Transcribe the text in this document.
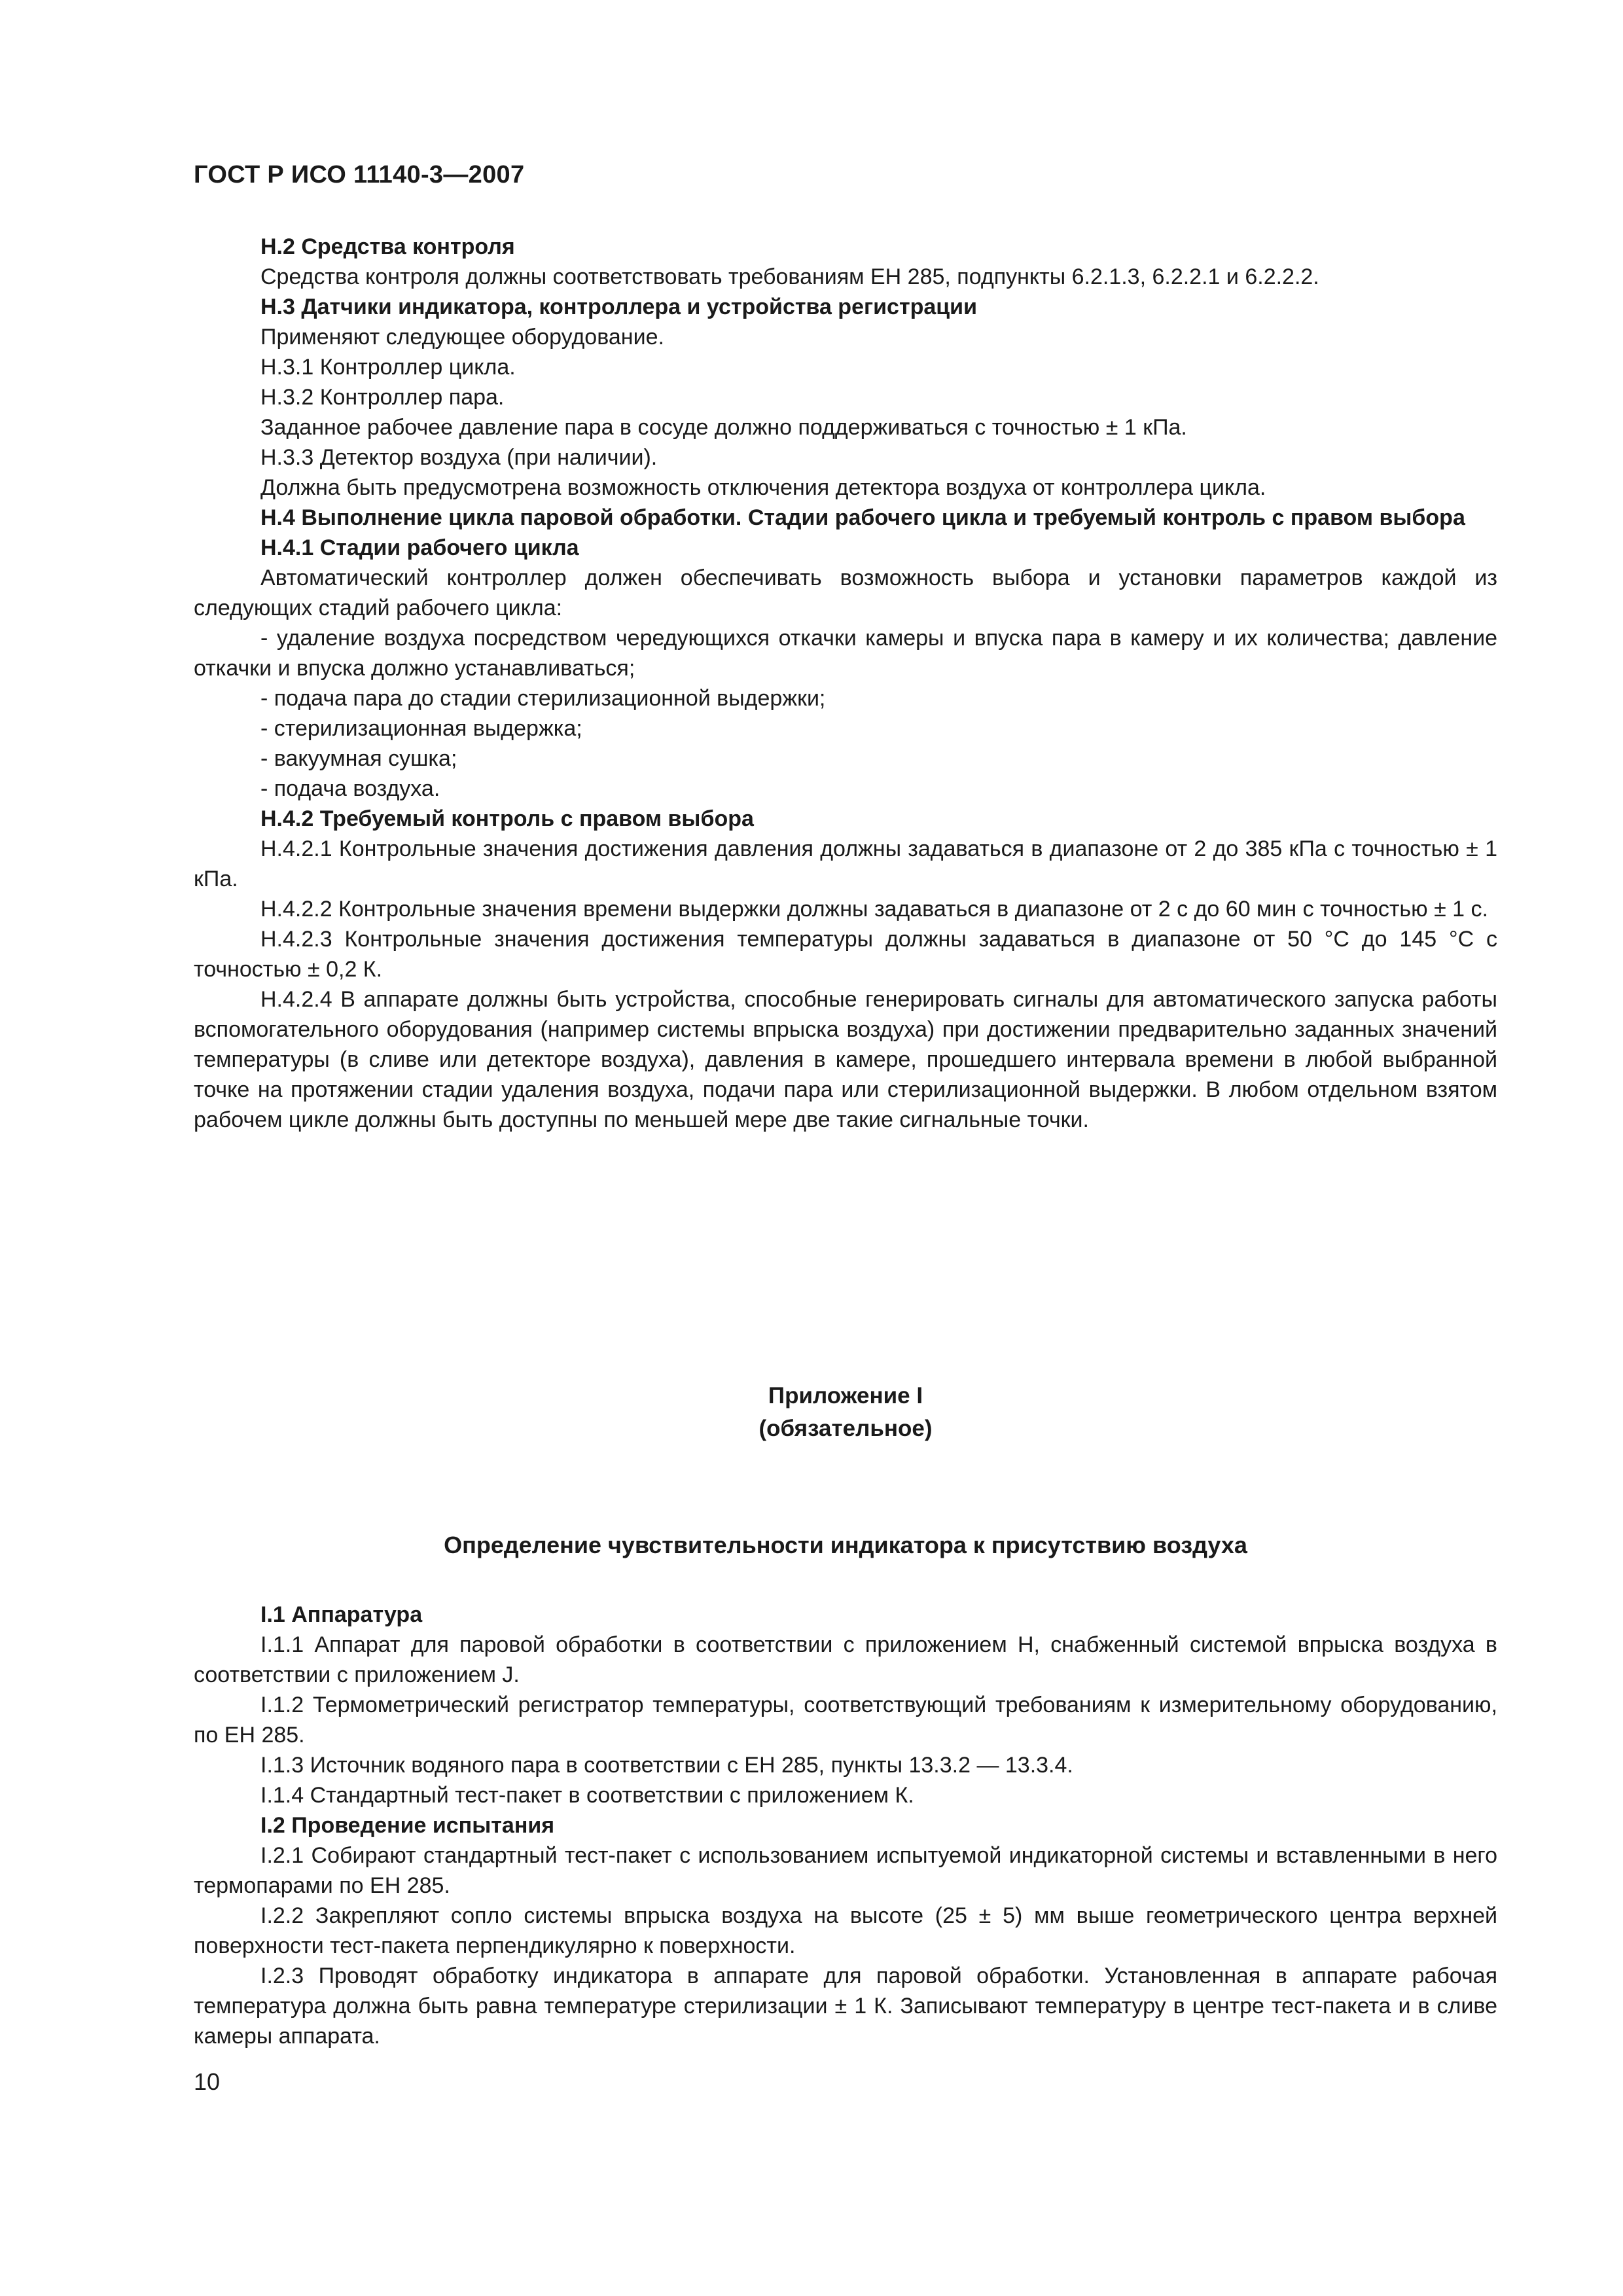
ГОСТ Р ИСО 11140-3—2007

Н.2 Средства контроля

Средства контроля должны соответствовать требованиям ЕН 285, подпункты 6.2.1.3, 6.2.2.1 и 6.2.2.2.

Н.3 Датчики индикатора, контроллера и устройства регистрации

Применяют следующее оборудование.

Н.3.1 Контроллер цикла.

Н.3.2 Контроллер пара.

Заданное рабочее давление пара в сосуде должно поддерживаться с точностью ± 1 кПа.

Н.3.3 Детектор воздуха (при наличии).

Должна быть предусмотрена возможность отключения детектора воздуха от контроллера цикла.

Н.4 Выполнение цикла паровой обработки. Стадии рабочего цикла и требуемый контроль с правом выбора

Н.4.1 Стадии рабочего цикла

Автоматический контроллер должен обеспечивать возможность выбора и установки параметров каждой из следующих стадий рабочего цикла:

- удаление воздуха посредством чередующихся откачки камеры и впуска пара в камеру и их количества; давление откачки и впуска должно устанавливаться;

- подача пара до стадии стерилизационной выдержки;

- стерилизационная выдержка;

- вакуумная сушка;

- подача воздуха.

Н.4.2 Требуемый контроль с правом выбора

Н.4.2.1 Контрольные значения достижения давления должны задаваться в диапазоне от 2 до 385 кПа с точностью ± 1 кПа.

Н.4.2.2 Контрольные значения времени выдержки должны задаваться в диапазоне от 2 с до 60 мин с точностью ± 1 с.

Н.4.2.3 Контрольные значения достижения температуры должны задаваться в диапазоне от 50 °С до 145 °С с точностью ± 0,2 К.

Н.4.2.4 В аппарате должны быть устройства, способные генерировать сигналы для автоматического запуска работы вспомогательного оборудования (например системы впрыска воздуха) при достижении предварительно заданных значений температуры (в сливе или детекторе воздуха), давления в камере, прошедшего интервала времени в любой выбранной точке на протяжении стадии удаления воздуха, подачи пара или стерилизационной выдержки. В любом отдельном взятом рабочем цикле должны быть доступны по меньшей мере две такие сигнальные точки.

Приложение I
(обязательное)
Определение чувствительности индикатора к присутствию воздуха

I.1 Аппаратура

I.1.1 Аппарат для паровой обработки в соответствии с приложением Н, снабженный системой впрыска воздуха в соответствии с приложением J.

I.1.2 Термометрический регистратор температуры, соответствующий требованиям к измерительному оборудованию, по ЕН 285.

I.1.3 Источник водяного пара в соответствии с ЕН 285, пункты 13.3.2 — 13.3.4.

I.1.4 Стандартный тест-пакет в соответствии с приложением К.

I.2 Проведение испытания

I.2.1 Собирают стандартный тест-пакет с использованием испытуемой индикаторной системы и вставленными в него термопарами по ЕН 285.

I.2.2 Закрепляют сопло системы впрыска воздуха на высоте (25 ± 5) мм выше геометрического центра верхней поверхности тест-пакета перпендикулярно к поверхности.

I.2.3 Проводят обработку индикатора в аппарате для паровой обработки. Установленная в аппарате рабочая температура должна быть равна температуре стерилизации ± 1 К. Записывают температуру в центре тест-пакета и в сливе камеры аппарата.

10
